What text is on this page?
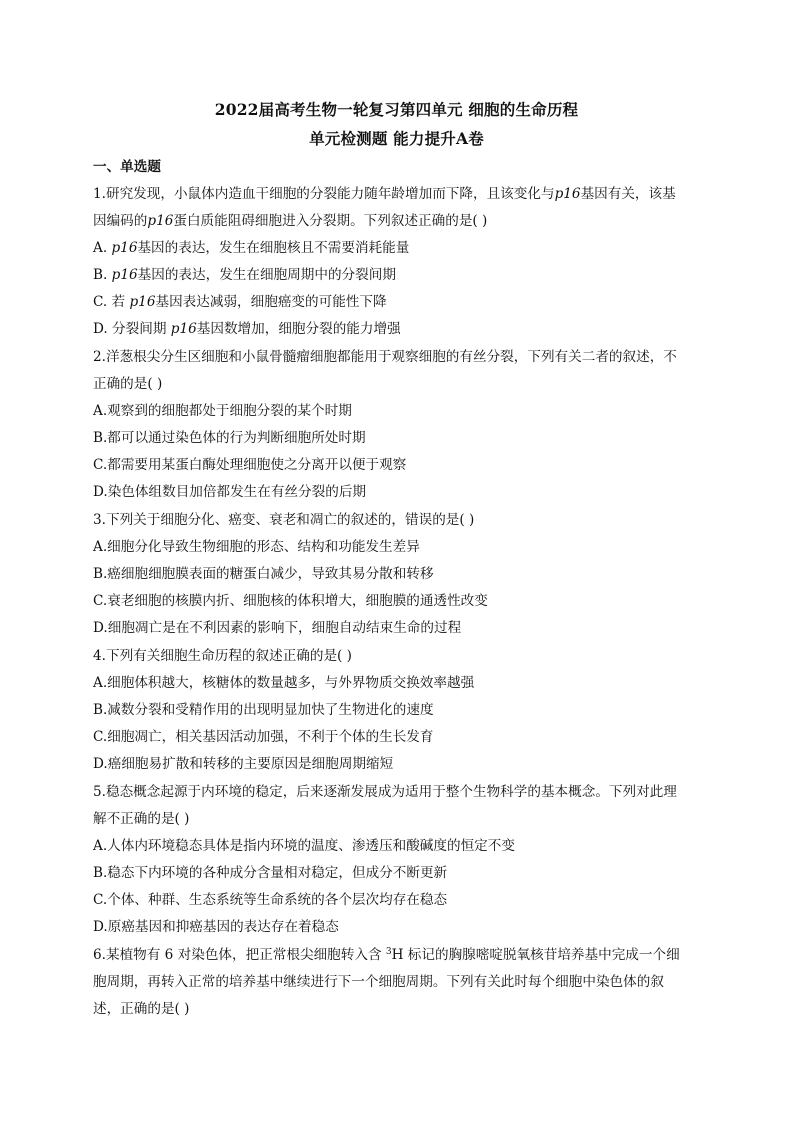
2022届高考生物一轮复习第四单元 细胞的生命历程
单元检测题 能力提升A卷
一、单选题
1.研究发现，小鼠体内造血干细胞的分裂能力随年龄增加而下降，且该变化与p16基因有关，该基
因编码的p16蛋白质能阻碍细胞进入分裂期。下列叙述正确的是( )
A. p16基因的表达，发生在细胞核且不需要消耗能量
B. p16基因的表达，发生在细胞周期中的分裂间期
C. 若 p16基因表达减弱，细胞癌变的可能性下降
D. 分裂间期 p16基因数增加，细胞分裂的能力增强
2.洋葱根尖分生区细胞和小鼠骨髓瘤细胞都能用于观察细胞的有丝分裂，下列有关二者的叙述，不
正确的是( )
A.观察到的细胞都处于细胞分裂的某个时期
B.都可以通过染色体的行为判断细胞所处时期
C.都需要用某蛋白酶处理细胞使之分离开以便于观察
D.染色体组数目加倍都发生在有丝分裂的后期
3.下列关于细胞分化、癌变、衰老和凋亡的叙述的，错误的是( )
A.细胞分化导致生物细胞的形态、结构和功能发生差异
B.癌细胞细胞膜表面的糖蛋白减少，导致其易分散和转移
C.衰老细胞的核膜内折、细胞核的体积增大，细胞膜的通透性改变
D.细胞凋亡是在不利因素的影响下，细胞自动结束生命的过程
4.下列有关细胞生命历程的叙述正确的是( )
A.细胞体积越大，核糖体的数量越多，与外界物质交换效率越强
B.减数分裂和受精作用的出现明显加快了生物进化的速度
C.细胞凋亡，相关基因活动加强，不利于个体的生长发育
D.癌细胞易扩散和转移的主要原因是细胞周期缩短
5.稳态概念起源于内环境的稳定，后来逐渐发展成为适用于整个生物科学的基本概念。下列对此理
解不正确的是( )
A.人体内环境稳态具体是指内环境的温度、渗透压和酸碱度的恒定不变
B.稳态下内环境的各种成分含量相对稳定，但成分不断更新
C.个体、种群、生态系统等生命系统的各个层次均存在稳态
D.原癌基因和抑癌基因的表达存在着稳态
6.某植物有 6 对染色体，把正常根尖细胞转入含 $^3$H 标记的胸腺嘧啶脱氧核苷培养基中完成一个细
胞周期，再转入正常的培养基中继续进行下一个细胞周期。下列有关此时每个细胞中染色体的叙
述，正确的是( )
